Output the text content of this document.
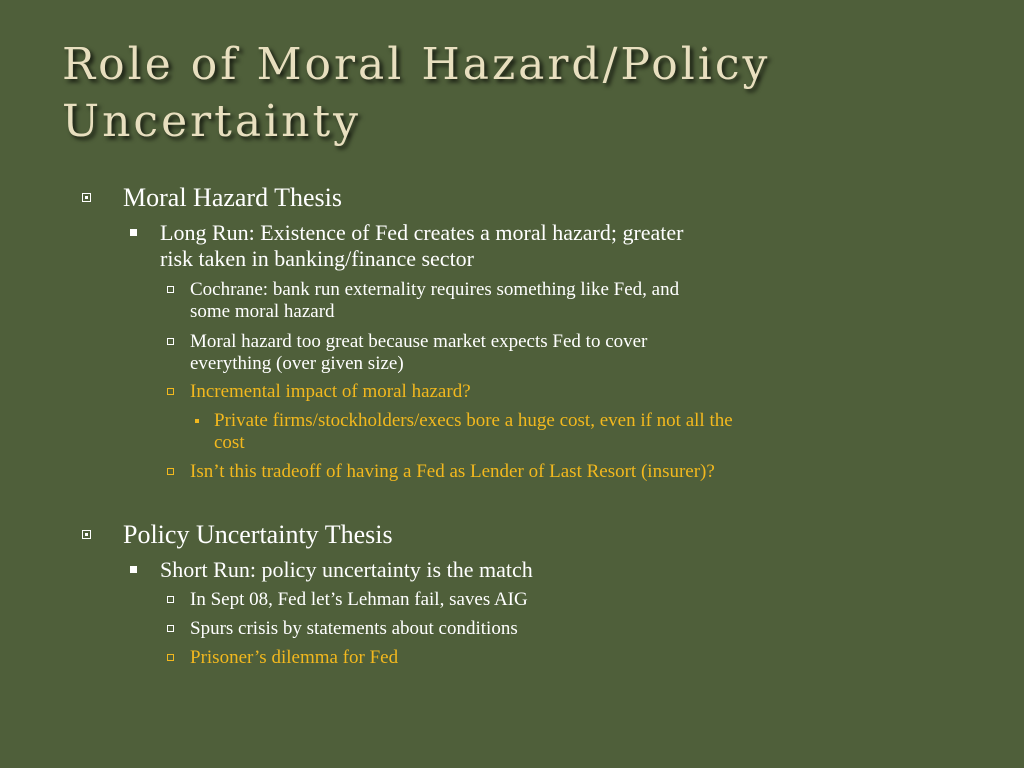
Role of Moral Hazard/Policy
Uncertainty
Moral Hazard Thesis
Long Run: Existence of Fed creates a moral hazard; greater
risk taken in banking/finance sector
Cochrane: bank run externality requires something like Fed, and
some moral hazard
Moral hazard too great because market expects Fed to cover
everything (over given size)
Incremental impact of moral hazard?
Private firms/stockholders/execs bore a huge cost, even if not all the
cost
Isn’t this tradeoff of having a Fed as Lender of Last Resort (insurer)?
Policy Uncertainty Thesis
Short Run: policy uncertainty is the match
In Sept 08, Fed let’s Lehman fail, saves AIG
Spurs crisis by statements about conditions
Prisoner’s dilemma for Fed
